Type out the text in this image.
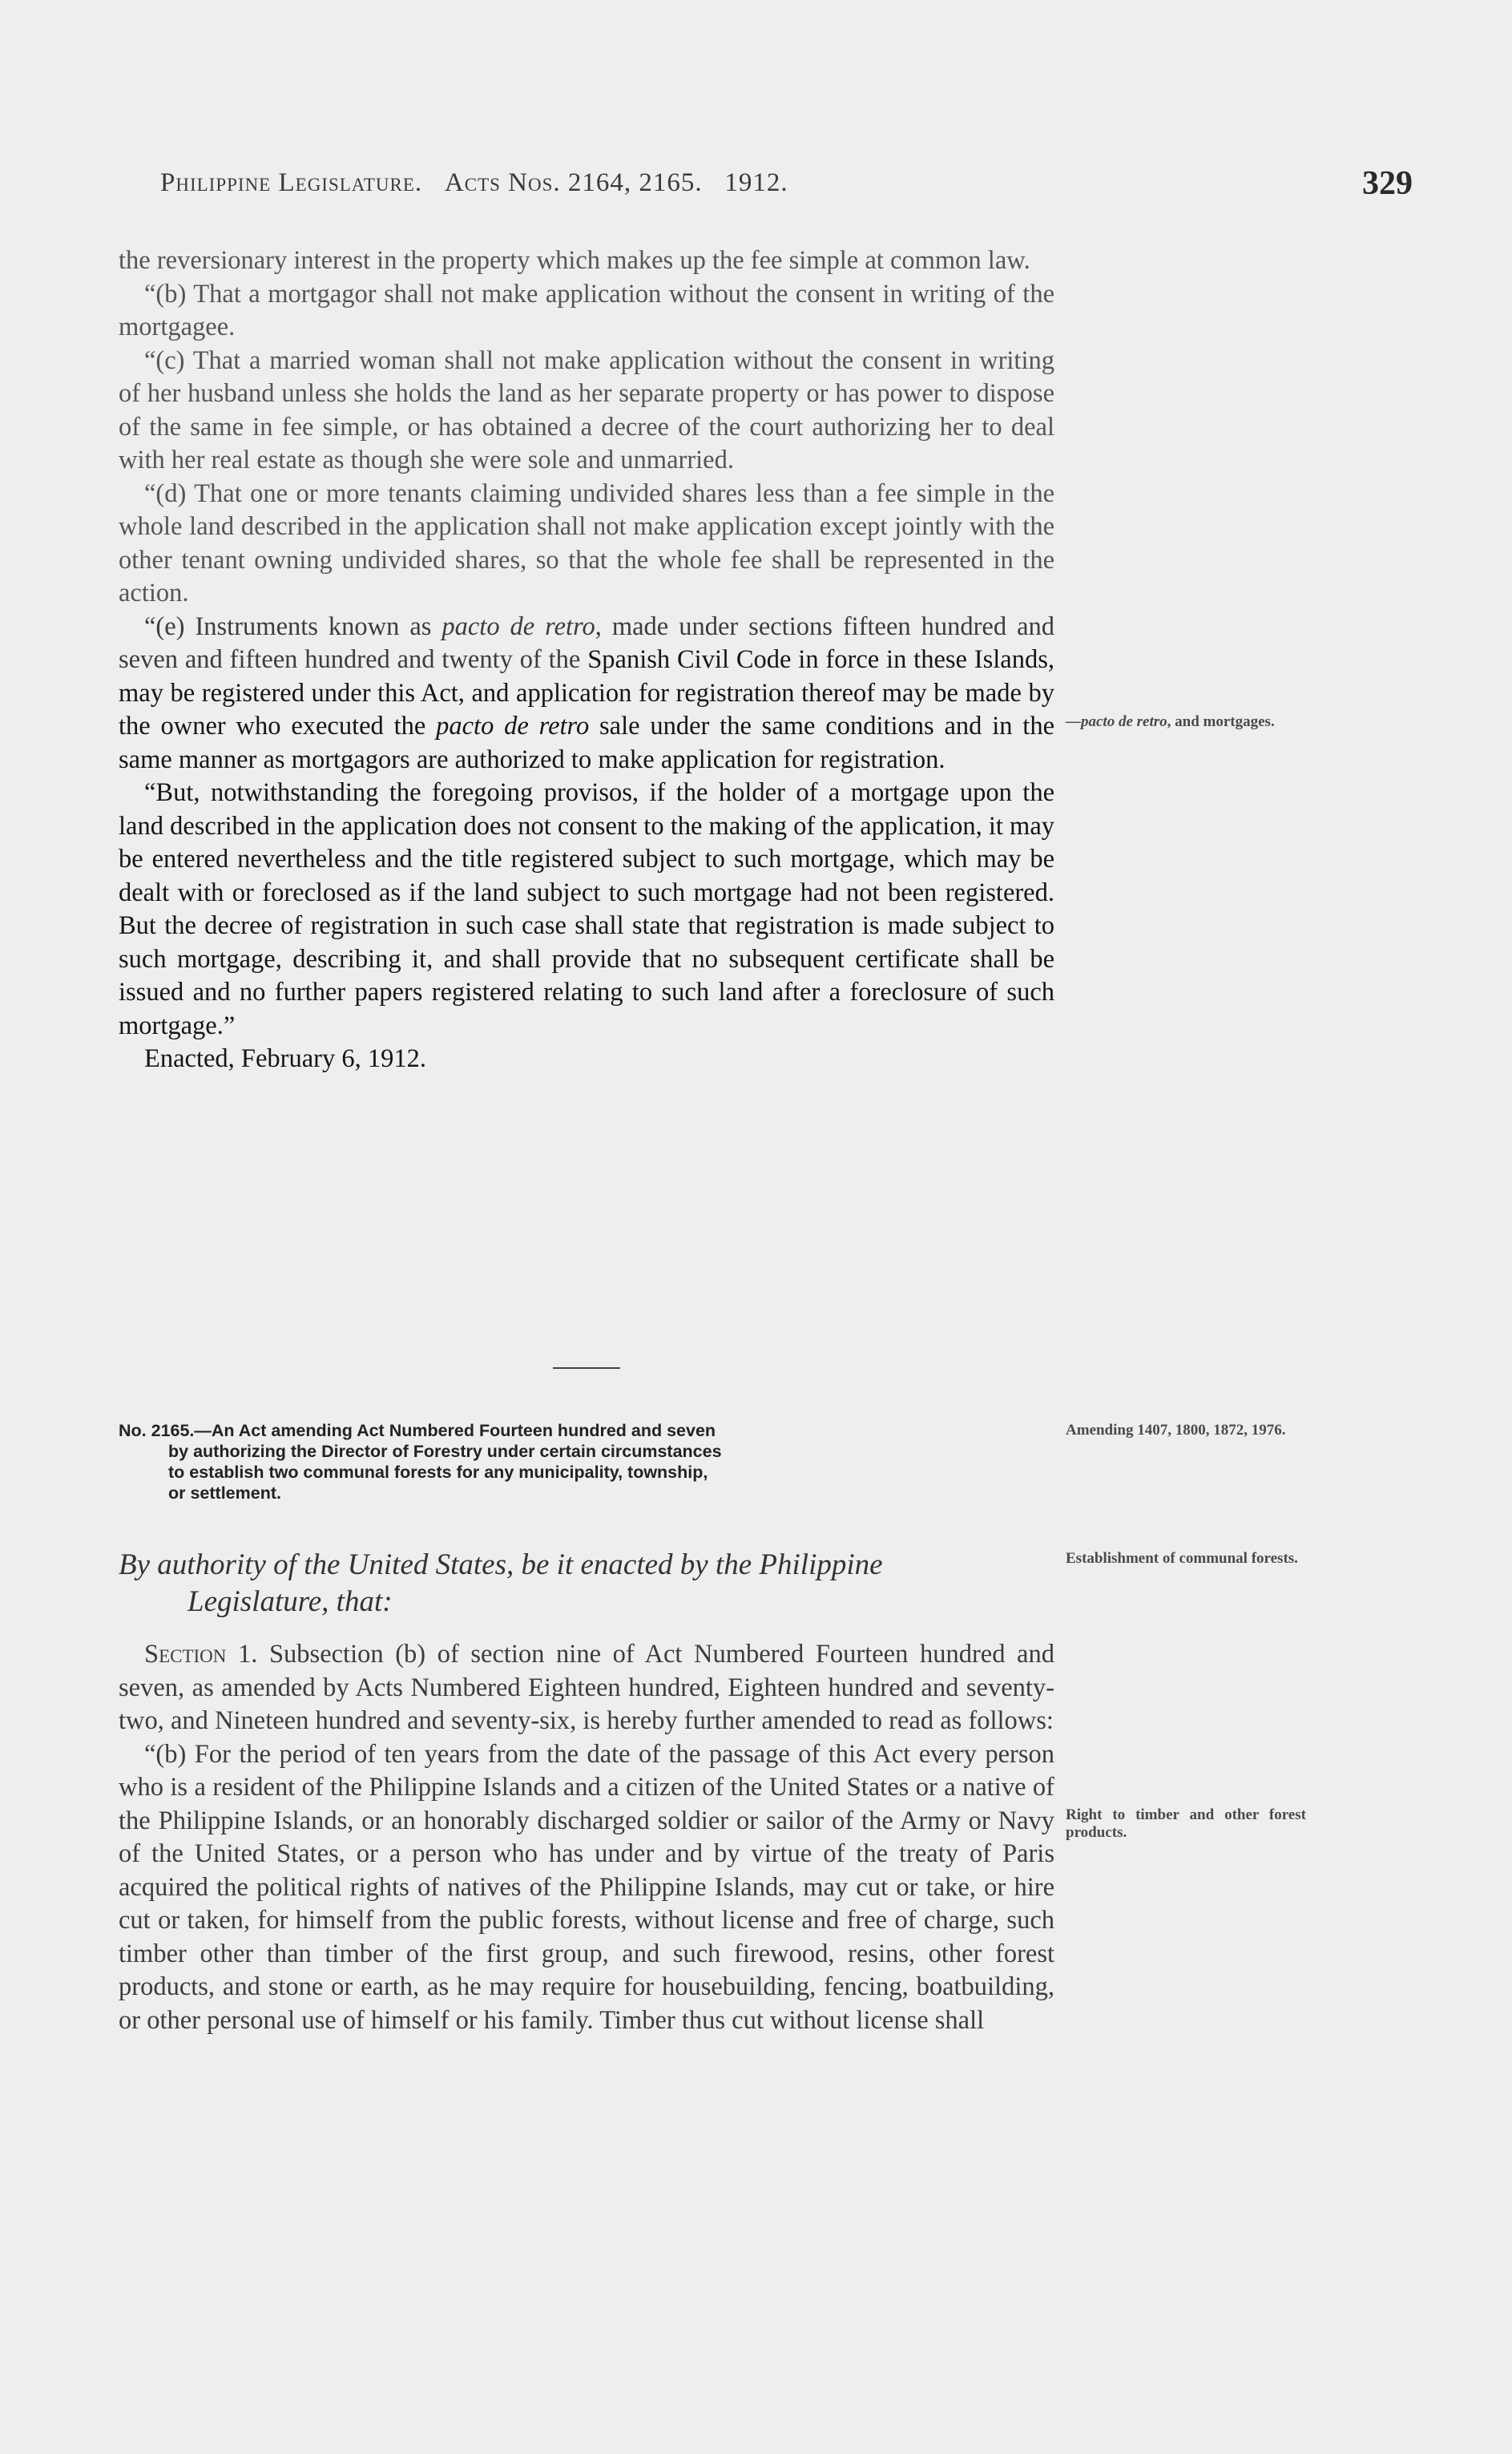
Philippine Legislature. Acts Nos. 2164, 2165. 1912.	329

the reversionary interest in the property which makes up the fee simple at common law.

“(b) That a mortgagor shall not make application without the consent in writing of the mortgagee.

“(c) That a married woman shall not make application without the consent in writing of her husband unless she holds the land as her separate property or has power to dispose of the same in fee simple, or has obtained a decree of the court authorizing her to deal with her real estate as though she were sole and unmarried.

“(d) That one or more tenants claiming undivided shares less than a fee simple in the whole land described in the application shall not make application except jointly with the other tenant owning undivided shares, so that the whole fee shall be represented in the action.

“(e) Instruments known as pacto de retro, made under sections fifteen hundred and seven and fifteen hundred and twenty of the Spanish Civil Code in force in these Islands, may be registered under this Act, and application for registration thereof may be made by the owner who executed the pacto de retro sale under the same conditions and in the same manner as mortgagors are authorized to make application for registration.

“But, notwithstanding the foregoing provisos, if the holder of a mortgage upon the land described in the application does not consent to the making of the application, it may be entered nevertheless and the title registered subject to such mortgage, which may be dealt with or foreclosed as if the land subject to such mortgage had not been registered. But the decree of registration in such case shall state that registration is made subject to such mortgage, describing it, and shall provide that no subsequent certificate shall be issued and no further papers registered relating to such land after a foreclosure of such mortgage.”

Enacted, February 6, 1912.

—pacto de retro, and mortgages.
No. 2165.—An Act amending Act Numbered Fourteen hundred and seven
by authorizing the Director of Forestry under certain circumstances
to establish two communal forests for any municipality, township,
or settlement.
Amending 1407, 1800, 1872, 1976.
By authority of the United States, be it enacted by the Philippine
Legislature, that:
Establishment of communal forests.

Section 1. Subsection (b) of section nine of Act Numbered Fourteen hundred and seven, as amended by Acts Numbered Eighteen hundred, Eighteen hundred and seventy-two, and Nineteen hundred and seventy-six, is hereby further amended to read as follows:

“(b) For the period of ten years from the date of the passage of this Act every person who is a resident of the Philippine Islands and a citizen of the United States or a native of the Philippine Islands, or an honorably discharged soldier or sailor of the Army or Navy of the United States, or a person who has under and by virtue of the treaty of Paris acquired the political rights of natives of the Philippine Islands, may cut or take, or hire cut or taken, for himself from the public forests, without license and free of charge, such timber other than timber of the first group, and such firewood, resins, other forest products, and stone or earth, as he may require for housebuilding, fencing, boatbuilding, or other personal use of himself or his family. Timber thus cut without license shall

Right to timber and other forest products.
